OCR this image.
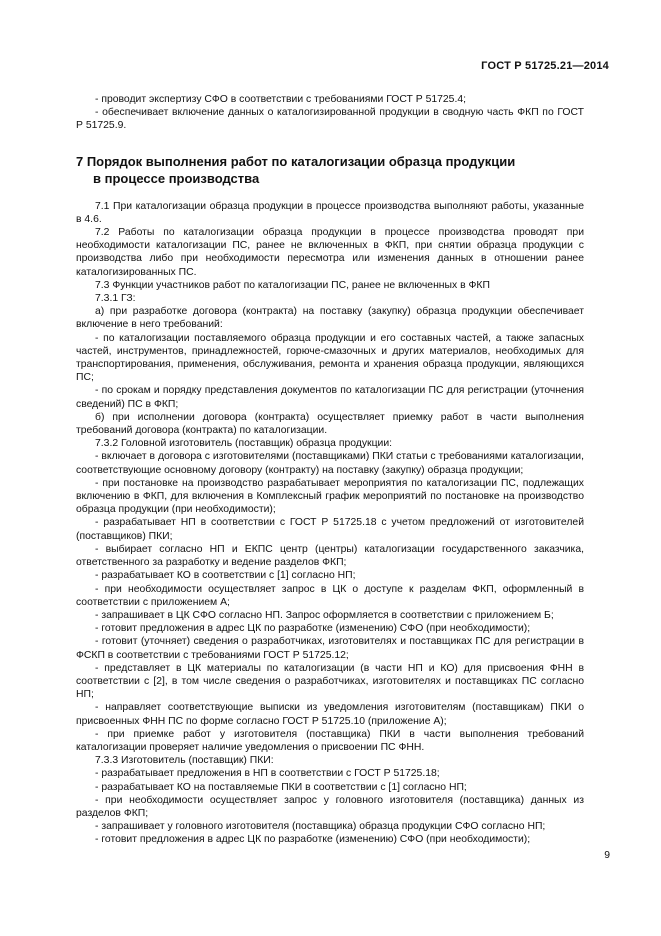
ГОСТ Р 51725.21—2014

- проводит экспертизу СФО в соответствии с требованиями ГОСТ Р 51725.4;

- обеспечивает включение данных о каталогизированной продукции в сводную часть ФКП по ГОСТ Р 51725.9.

7 Порядок выполнения работ по каталогизации образца продукции
в процессе производства

7.1 При каталогизации образца продукции в процессе производства выполняют работы, указанные в 4.6.

7.2 Работы по каталогизации образца продукции в процессе производства проводят при необходимости каталогизации ПС, ранее не включенных в ФКП, при снятии образца продукции с производства либо при необходимости пересмотра или изменения данных в отношении ранее каталогизированных ПС.

7.3 Функции участников работ по каталогизации ПС, ранее не включенных в ФКП

7.3.1 ГЗ:

а) при разработке договора (контракта) на поставку (закупку) образца продукции обеспечивает включение в него требований:

- по каталогизации поставляемого образца продукции и его составных частей, а также запасных частей, инструментов, принадлежностей, горюче-смазочных и других материалов, необходимых для транспортирования, применения, обслуживания, ремонта и хранения образца продукции, являющихся ПС;

- по срокам и порядку представления документов по каталогизации ПС для регистрации (уточнения сведений) ПС в ФКП;

б) при исполнении договора (контракта) осуществляет приемку работ в части выполнения требований договора (контракта) по каталогизации.

7.3.2 Головной изготовитель (поставщик) образца продукции:

- включает в договора с изготовителями (поставщиками) ПКИ статьи с требованиями каталогизации, соответствующие основному договору (контракту) на поставку (закупку) образца продукции;

- при постановке на производство разрабатывает мероприятия по каталогизации ПС, подлежащих включению в ФКП, для включения в Комплексный график мероприятий по постановке на производство образца продукции (при необходимости);

- разрабатывает НП в соответствии с ГОСТ Р 51725.18 с учетом предложений от изготовителей (поставщиков) ПКИ;

- выбирает согласно НП и ЕКПС центр (центры) каталогизации государственного заказчика, ответственного за разработку и ведение разделов ФКП;

- разрабатывает КО в соответствии с [1] согласно НП;

- при необходимости осуществляет запрос в ЦК о доступе к разделам ФКП, оформленный в соответствии с приложением А;

- запрашивает в ЦК СФО согласно НП. Запрос оформляется в соответствии с приложением Б;

- готовит предложения в адрес ЦК по разработке (изменению) СФО (при необходимости);

- готовит (уточняет) сведения о разработчиках, изготовителях и поставщиках ПС для регистрации в ФСКП в соответствии с требованиями ГОСТ Р 51725.12;

- представляет в ЦК материалы по каталогизации (в части НП и КО) для присвоения ФНН в соответствии с [2], в том числе сведения о разработчиках, изготовителях и поставщиках ПС согласно НП;

- направляет соответствующие выписки из уведомления изготовителям (поставщикам) ПКИ о присвоенных ФНН ПС по форме согласно ГОСТ Р 51725.10 (приложение А);

- при приемке работ у изготовителя (поставщика) ПКИ в части выполнения требований каталогизации проверяет наличие уведомления о присвоении ПС ФНН.

7.3.3 Изготовитель (поставщик) ПКИ:

- разрабатывает предложения в НП в соответствии с ГОСТ Р 51725.18;

- разрабатывает КО на поставляемые ПКИ в соответствии с [1] согласно НП;

- при необходимости осуществляет запрос у головного изготовителя (поставщика) данных из разделов ФКП;

- запрашивает у головного изготовителя (поставщика) образца продукции СФО согласно НП;

- готовит предложения в адрес ЦК по разработке (изменению) СФО (при необходимости);

9
